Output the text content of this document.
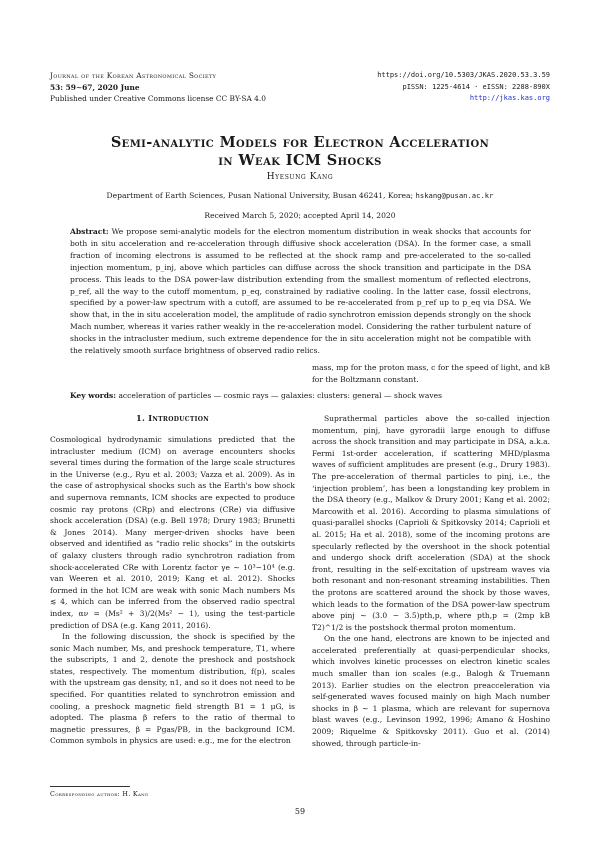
Journal of the Korean Astronomical Society
53: 59∼67, 2020 June
Published under Creative Commons license CC BY-SA 4.0
https://doi.org/10.5303/JKAS.2020.53.3.59
pISSN: 1225-4614 · eISSN: 2288-890X
http://jkas.kas.org
Semi-analytic Models for Electron Acceleration
in Weak ICM Shocks
Hyesung Kang
Department of Earth Sciences, Pusan National University, Busan 46241, Korea; hskang@pusan.ac.kr
Received March 5, 2020; accepted April 14, 2020
Abstract: We propose semi-analytic models for the electron momentum distribution in weak shocks that accounts for both in situ acceleration and re-acceleration through diffusive shock acceleration (DSA). In the former case, a small fraction of incoming electrons is assumed to be reflected at the shock ramp and pre-accelerated to the so-called injection momentum, p_inj, above which particles can diffuse across the shock transition and participate in the DSA process. This leads to the DSA power-law distribution extending from the smallest momentum of reflected electrons, p_ref, all the way to the cutoff momentum, p_eq, constrained by radiative cooling. In the latter case, fossil electrons, specified by a power-law spectrum with a cutoff, are assumed to be re-accelerated from p_ref up to p_eq via DSA. We show that, in the in situ acceleration model, the amplitude of radio synchrotron emission depends strongly on the shock Mach number, whereas it varies rather weakly in the re-acceleration model. Considering the rather turbulent nature of shocks in the intracluster medium, such extreme dependence for the in situ acceleration might not be compatible with the relatively smooth surface brightness of observed radio relics.
Key words: acceleration of particles — cosmic rays — galaxies: clusters: general — shock waves
1. Introduction

Cosmological hydrodynamic simulations predicted that the intracluster medium (ICM) on average encounters shocks several times during the formation of the large scale structures in the Universe (e.g., Ryu et al. 2003; Vazza et al. 2009). As in the case of astrophysical shocks such as the Earth's bow shock and supernova remnants, ICM shocks are expected to produce cosmic ray protons (CRp) and electrons (CRe) via diffusive shock acceleration (DSA) (e.g. Bell 1978; Drury 1983; Brunetti & Jones 2014). Many merger-driven shocks have been observed and identified as “radio relic shocks” in the outskirts of galaxy clusters through radio synchrotron radiation from shock-accelerated CRe with Lorentz factor γe ∼ 10³−10⁴ (e.g. van Weeren et al. 2010, 2019; Kang et al. 2012). Shocks formed in the hot ICM are weak with sonic Mach numbers Ms ≲ 4, which can be inferred from the observed radio spectral index, αν = (Ms² + 3)/2(Ms² − 1), using the test-particle prediction of DSA (e.g. Kang 2011, 2016).

In the following discussion, the shock is specified by the sonic Mach number, Ms, and preshock temperature, T1, where the subscripts, 1 and 2, denote the preshock and postshock states, respectively. The momentum distribution, f(p), scales with the upstream gas density, n1, and so it does not need to be specified. For quantities related to synchrotron emission and cooling, a preshock magnetic field strength B1 = 1 μG, is adopted. The plasma β refers to the ratio of thermal to magnetic pressures, β = Pgas/PB, in the background ICM. Common symbols in physics are used: e.g., me for the electron

mass, mp for the proton mass, c for the speed of light, and kB for the Boltzmann constant.

Suprathermal particles above the so-called injection momentum, pinj, have gyroradii large enough to diffuse across the shock transition and may participate in DSA, a.k.a. Fermi 1st-order acceleration, if scattering MHD/plasma waves of sufficient amplitudes are present (e.g., Drury 1983). The pre-acceleration of thermal particles to pinj, i.e., the ‘injection problem’, has been a longstanding key problem in the DSA theory (e.g., Malkov & Drury 2001; Kang et al. 2002; Marcowith et al. 2016). According to plasma simulations of quasi-parallel shocks (Caprioli & Spitkovsky 2014; Caprioli et al. 2015; Ha et al. 2018), some of the incoming protons are specularly reflected by the overshoot in the shock potential and undergo shock drift acceleration (SDA) at the shock front, resulting in the self-excitation of upstream waves via both resonant and non-resonant streaming instabilities. Then the protons are scattered around the shock by those waves, which leads to the formation of the DSA power-law spectrum above pinj ∼ (3.0 − 3.5)pth,p, where pth,p = (2mp kB T2)^1/2 is the postshock thermal proton momentum.

On the one hand, electrons are known to be injected and accelerated preferentially at quasi-perpendicular shocks, which involves kinetic processes on electron kinetic scales much smaller than ion scales (e.g., Balogh & Truemann 2013). Earlier studies on the electron preacceleration via self-generated waves focused mainly on high Mach number shocks in β ∼ 1 plasma, which are relevant for supernova blast waves (e.g., Levinson 1992, 1996; Amano & Hoshino 2009; Riquelme & Spitkovsky 2011). Guo et al. (2014) showed, through particle-in-

Corresponding author: H. Kang
59
